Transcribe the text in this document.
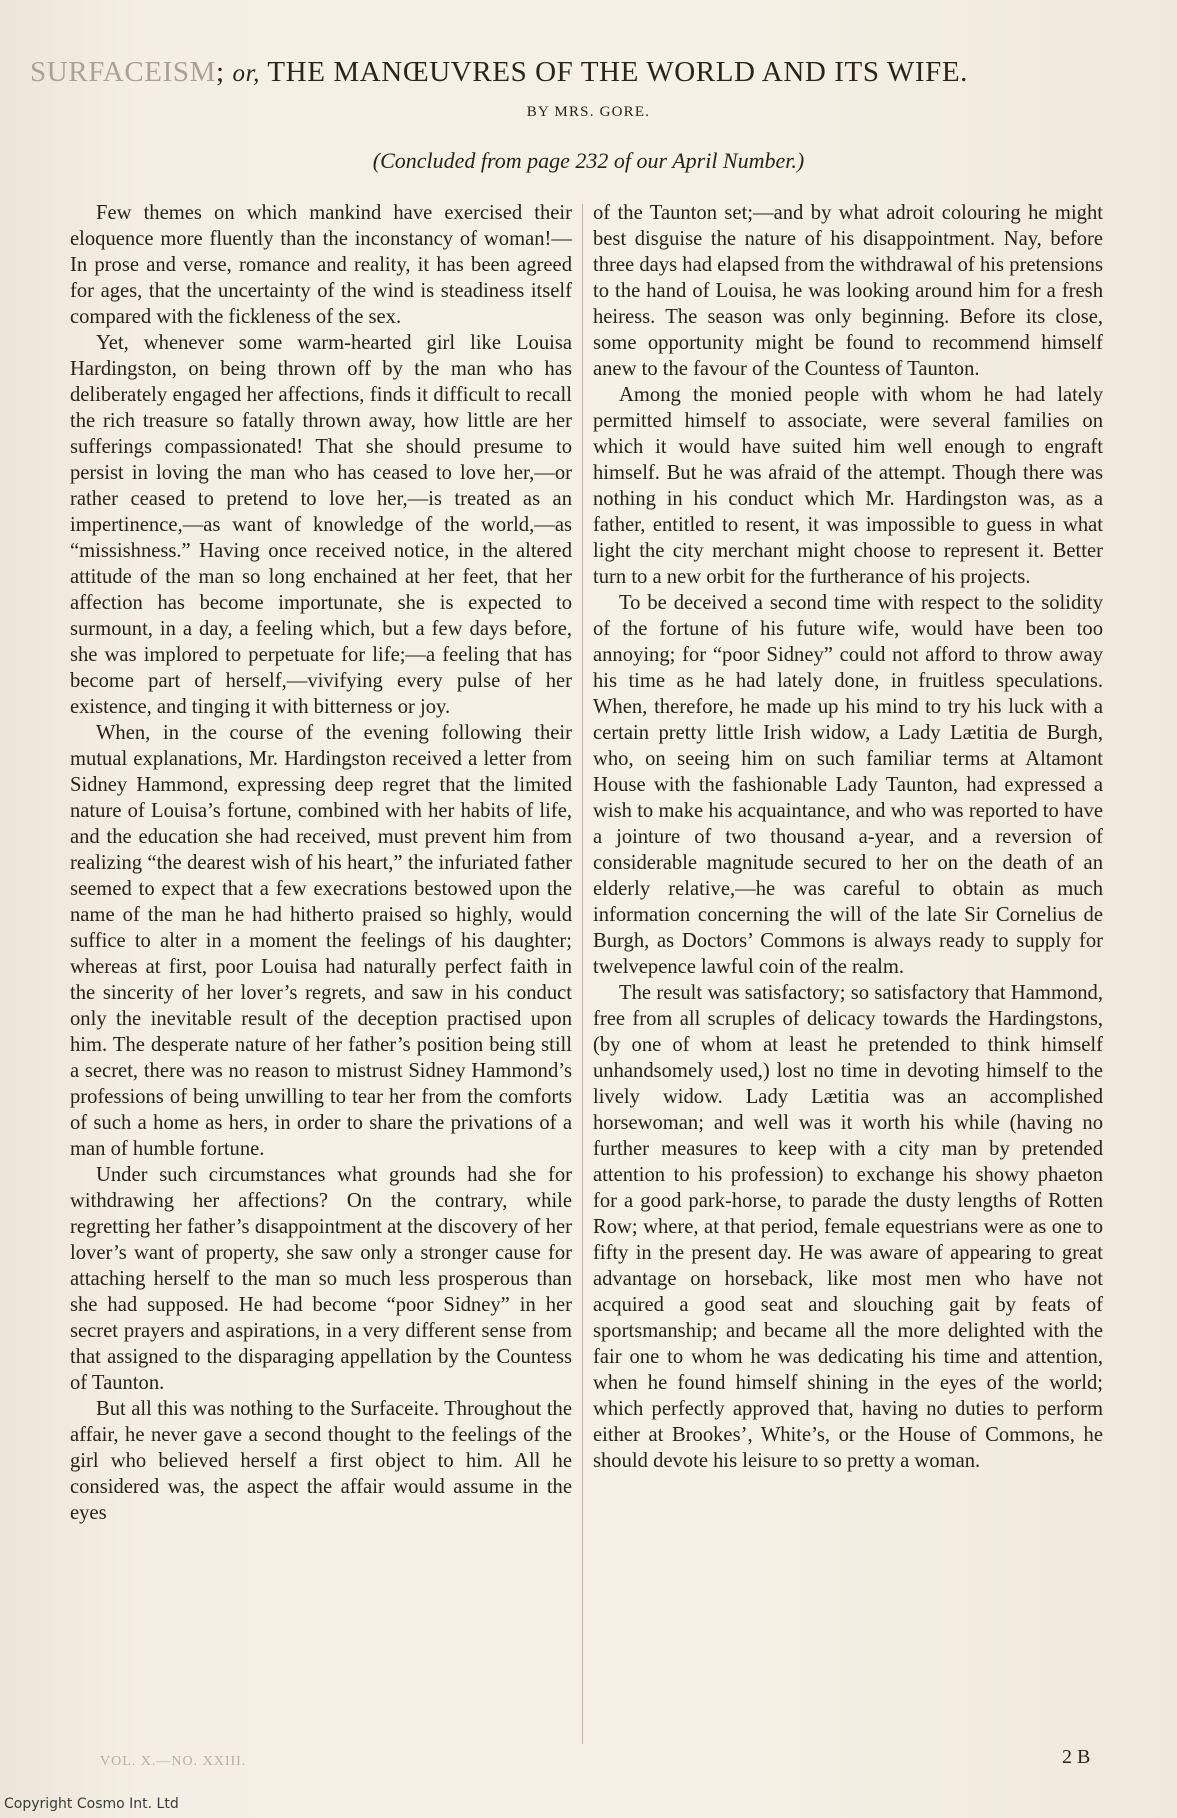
SURFACEISM; or, THE MANŒUVRES OF THE WORLD AND ITS WIFE.
BY MRS. GORE.
(Concluded from page 232 of our April Number.)

Few themes on which mankind have exercised their eloquence more fluently than the inconstancy of woman!—In prose and verse, romance and reality, it has been agreed for ages, that the uncertainty of the wind is steadiness itself compared with the fickleness of the sex.

Yet, whenever some warm-hearted girl like Louisa Hardingston, on being thrown off by the man who has deliberately engaged her affections, finds it difficult to recall the rich treasure so fatally thrown away, how little are her sufferings compassionated! That she should presume to persist in loving the man who has ceased to love her,—or rather ceased to pretend to love her,—is treated as an impertinence,—as want of knowledge of the world,—as “missishness.” Having once received notice, in the altered attitude of the man so long enchained at her feet, that her affection has become importunate, she is expected to surmount, in a day, a feeling which, but a few days before, she was implored to perpetuate for life;—a feeling that has become part of herself,—vivifying every pulse of her existence, and tinging it with bitterness or joy.

When, in the course of the evening following their mutual explanations, Mr. Hardingston received a letter from Sidney Hammond, expressing deep regret that the limited nature of Louisa’s fortune, combined with her habits of life, and the education she had received, must prevent him from realizing “the dearest wish of his heart,” the infuriated father seemed to expect that a few execrations bestowed upon the name of the man he had hitherto praised so highly, would suffice to alter in a moment the feelings of his daughter; whereas at first, poor Louisa had naturally perfect faith in the sincerity of her lover’s regrets, and saw in his conduct only the inevitable result of the deception practised upon him. The desperate nature of her father’s position being still a secret, there was no reason to mistrust Sidney Hammond’s professions of being unwilling to tear her from the comforts of such a home as hers, in order to share the privations of a man of humble fortune.

Under such circumstances what grounds had she for withdrawing her affections? On the contrary, while regretting her father’s disappointment at the discovery of her lover’s want of property, she saw only a stronger cause for attaching herself to the man so much less prosperous than she had supposed. He had become “poor Sidney” in her secret prayers and aspirations, in a very different sense from that assigned to the disparaging appellation by the Countess of Taunton.

But all this was nothing to the Surfaceite. Throughout the affair, he never gave a second thought to the feelings of the girl who believed herself a first object to him. All he considered was, the aspect the affair would assume in the eyes

of the Taunton set;—and by what adroit colouring he might best disguise the nature of his disappointment. Nay, before three days had elapsed from the withdrawal of his pretensions to the hand of Louisa, he was looking around him for a fresh heiress. The season was only beginning. Before its close, some opportunity might be found to recommend himself anew to the favour of the Countess of Taunton.

Among the monied people with whom he had lately permitted himself to associate, were several families on which it would have suited him well enough to engraft himself. But he was afraid of the attempt. Though there was nothing in his conduct which Mr. Hardingston was, as a father, entitled to resent, it was impossible to guess in what light the city merchant might choose to represent it. Better turn to a new orbit for the furtherance of his projects.

To be deceived a second time with respect to the solidity of the fortune of his future wife, would have been too annoying; for “poor Sidney” could not afford to throw away his time as he had lately done, in fruitless speculations. When, therefore, he made up his mind to try his luck with a certain pretty little Irish widow, a Lady Lætitia de Burgh, who, on seeing him on such familiar terms at Altamont House with the fashionable Lady Taunton, had expressed a wish to make his acquaintance, and who was reported to have a jointure of two thousand a-year, and a reversion of considerable magnitude secured to her on the death of an elderly relative,—he was careful to obtain as much information concerning the will of the late Sir Cornelius de Burgh, as Doctors’ Commons is always ready to supply for twelvepence lawful coin of the realm.

The result was satisfactory; so satisfactory that Hammond, free from all scruples of delicacy towards the Hardingstons, (by one of whom at least he pretended to think himself unhandsomely used,) lost no time in devoting himself to the lively widow. Lady Lætitia was an accomplished horsewoman; and well was it worth his while (having no further measures to keep with a city man by pretended attention to his profession) to exchange his showy phaeton for a good park-horse, to parade the dusty lengths of Rotten Row; where, at that period, female equestrians were as one to fifty in the present day. He was aware of appearing to great advantage on horseback, like most men who have not acquired a good seat and slouching gait by feats of sportsmanship; and became all the more delighted with the fair one to whom he was dedicating his time and attention, when he found himself shining in the eyes of the world; which perfectly approved that, having no duties to perform either at Brookes’, White’s, or the House of Commons, he should devote his leisure to so pretty a woman.

VOL. X.—NO. XXIII.	2 B
Copyright Cosmo Int. Ltd
